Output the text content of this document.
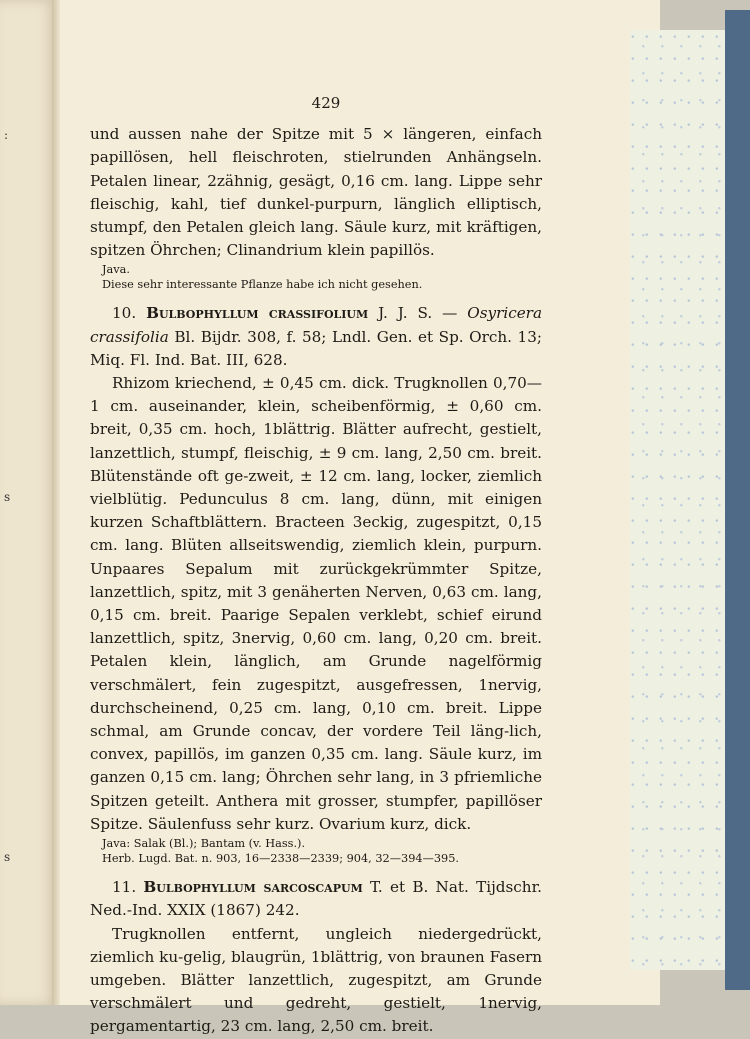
:
s
s
429

und aussen nahe der Spitze mit 5 × längeren, einfach papillösen, hell fleischroten, stielrunden Anhängseln. Petalen linear, 2zähnig, gesägt, 0,16 cm. lang. Lippe sehr fleischig, kahl, tief dunkel-purpurn, länglich elliptisch, stumpf, den Petalen gleich lang. Säule kurz, mit kräftigen, spitzen Öhrchen; Clinandrium klein papillös.

Java.

Diese sehr interessante Pflanze habe ich nicht gesehen.

10. Bulbophyllum crassifolium J. J. S. — Osyricera crassifolia Bl. Bijdr. 308, f. 58; Lndl. Gen. et Sp. Orch. 13; Miq. Fl. Ind. Bat. III, 628.

Rhizom kriechend, ± 0,45 cm. dick. Trugknollen 0,70—1 cm. auseinander, klein, scheibenförmig, ± 0,60 cm. breit, 0,35 cm. hoch, 1blättrig. Blätter aufrecht, gestielt, lanzettlich, stumpf, fleischig, ± 9 cm. lang, 2,50 cm. breit. Blütenstände oft ge-zweit, ± 12 cm. lang, locker, ziemlich vielblütig. Pedunculus 8 cm. lang, dünn, mit einigen kurzen Schaftblättern. Bracteen 3eckig, zugespitzt, 0,15 cm. lang. Blüten allseitswendig, ziemlich klein, purpurn. Unpaares Sepalum mit zurückgekrümmter Spitze, lanzettlich, spitz, mit 3 genäherten Nerven, 0,63 cm. lang, 0,15 cm. breit. Paarige Sepalen verklebt, schief eirund lanzettlich, spitz, 3nervig, 0,60 cm. lang, 0,20 cm. breit. Petalen klein, länglich, am Grunde nagelförmig verschmälert, fein zugespitzt, ausgefressen, 1nervig, durchscheinend, 0,25 cm. lang, 0,10 cm. breit. Lippe schmal, am Grunde concav, der vordere Teil läng-lich, convex, papillös, im ganzen 0,35 cm. lang. Säule kurz, im ganzen 0,15 cm. lang; Öhrchen sehr lang, in 3 pfriemliche Spitzen geteilt. Anthera mit grosser, stumpfer, papillöser Spitze. Säulenfuss sehr kurz. Ovarium kurz, dick.

Java: Salak (Bl.); Bantam (v. Hass.).

Herb. Lugd. Bat. n. 903, 16—2338—2339; 904, 32—394—395.

11. Bulbophyllum sarcoscapum T. et B. Nat. Tijdschr. Ned.-Ind. XXIX (1867) 242.

Trugknollen entfernt, ungleich niedergedrückt, ziemlich ku-gelig, blaugrün, 1blättrig, von braunen Fasern umgeben. Blätter lanzettlich, zugespitzt, am Grunde verschmälert und gedreht, gestielt, 1nervig, pergamentartig, 23 cm. lang, 2,50 cm. breit.
